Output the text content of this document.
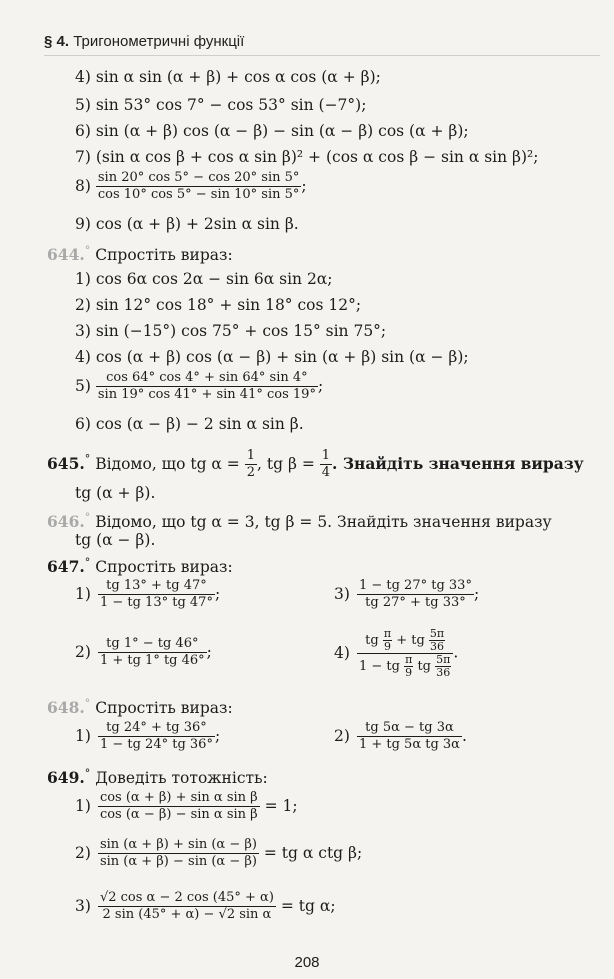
§ 4. Тригонометричні функції
4) sin α sin (α + β) + cos α cos (α + β);
5) sin 53° cos 7° − cos 53° sin (−7°);
6) sin (α + β) cos (α − β) − sin (α − β) cos (α + β);
7) (sin α cos β + cos α sin β)² + (cos α cos β − sin α sin β)²;
$8) \frac{\sin 20^\circ \cos 5^\circ - \cos 20^\circ \sin 5^\circ}{\cos 10^\circ \cos 5^\circ - \sin 10^\circ \sin 5^\circ}$ ;
9) cos (α + β) + 2sin α sin β.
644.° Спростіть вираз:
1) cos 6α cos 2α − sin 6α sin 2α;
2) sin 12° cos 18° + sin 18° cos 12°;
3) sin (−15°) cos 75° + cos 15° sin 75°;
4) cos (α + β) cos (α − β) + sin (α + β) sin (α − β);
$5) \frac{\cos 64^\circ \cos 4^\circ + \sin 64^\circ \sin 4^\circ}{\sin 19^\circ \cos 41^\circ + \sin 41^\circ \cos 19^\circ}$ ;
6) cos (α − β) − 2 sin α sin β.
645.° Відомо, що tg $\alpha = \frac{1}{2}$ , tg $\beta = \frac{1}{4}$ . Знайдіть значення виразу
tg (α + β).
646.° Відомо, що tg α = 3, tg β = 5. Знайдіть значення виразу
tg (α − β).
647.° Спростіть вираз:
$1) \frac{tg 13^\circ + tg 47^\circ}{1 - tg 13^\circ tg 47^\circ}$ ;	$3) \frac{1 - tg 27^\circ tg 33^\circ}{tg 27^\circ + tg 33^\circ}$ ;
$2) \frac{tg 1^\circ - tg 46^\circ}{1 + tg 1^\circ tg 46^\circ}$ ;	$4) \frac{tg \frac{\pi}{9} + tg \frac{5\pi}{36}}{1 - tg \frac{\pi}{9} tg \frac{5\pi}{36}}$ .
648.° Спростіть вираз:
$1) \frac{tg 24^\circ + tg 36^\circ}{1 - tg 24^\circ tg 36^\circ}$ ;	$2) \frac{tg 5\alpha - tg 3\alpha}{\text{1 + tg 5α tg 3α}}$ .
649.° Доведіть тотожність:
$1) \frac{\text{cos (α + β) + sin α sin β}}{\text{cos (α − β) − sin α sin β}} = 1$;
$2) \frac{\sin (\alpha + \beta) + \sin (\alpha - \beta)}{\sin (\alpha + \beta) - \sin (\alpha - \beta)}$ = tg α ctg β;
$3) \frac{\text{√2 cos α − 2 cos (45° + α)}}{\text{2 sin (45° + α) − √2 sin α}}$ = tg α;
208
